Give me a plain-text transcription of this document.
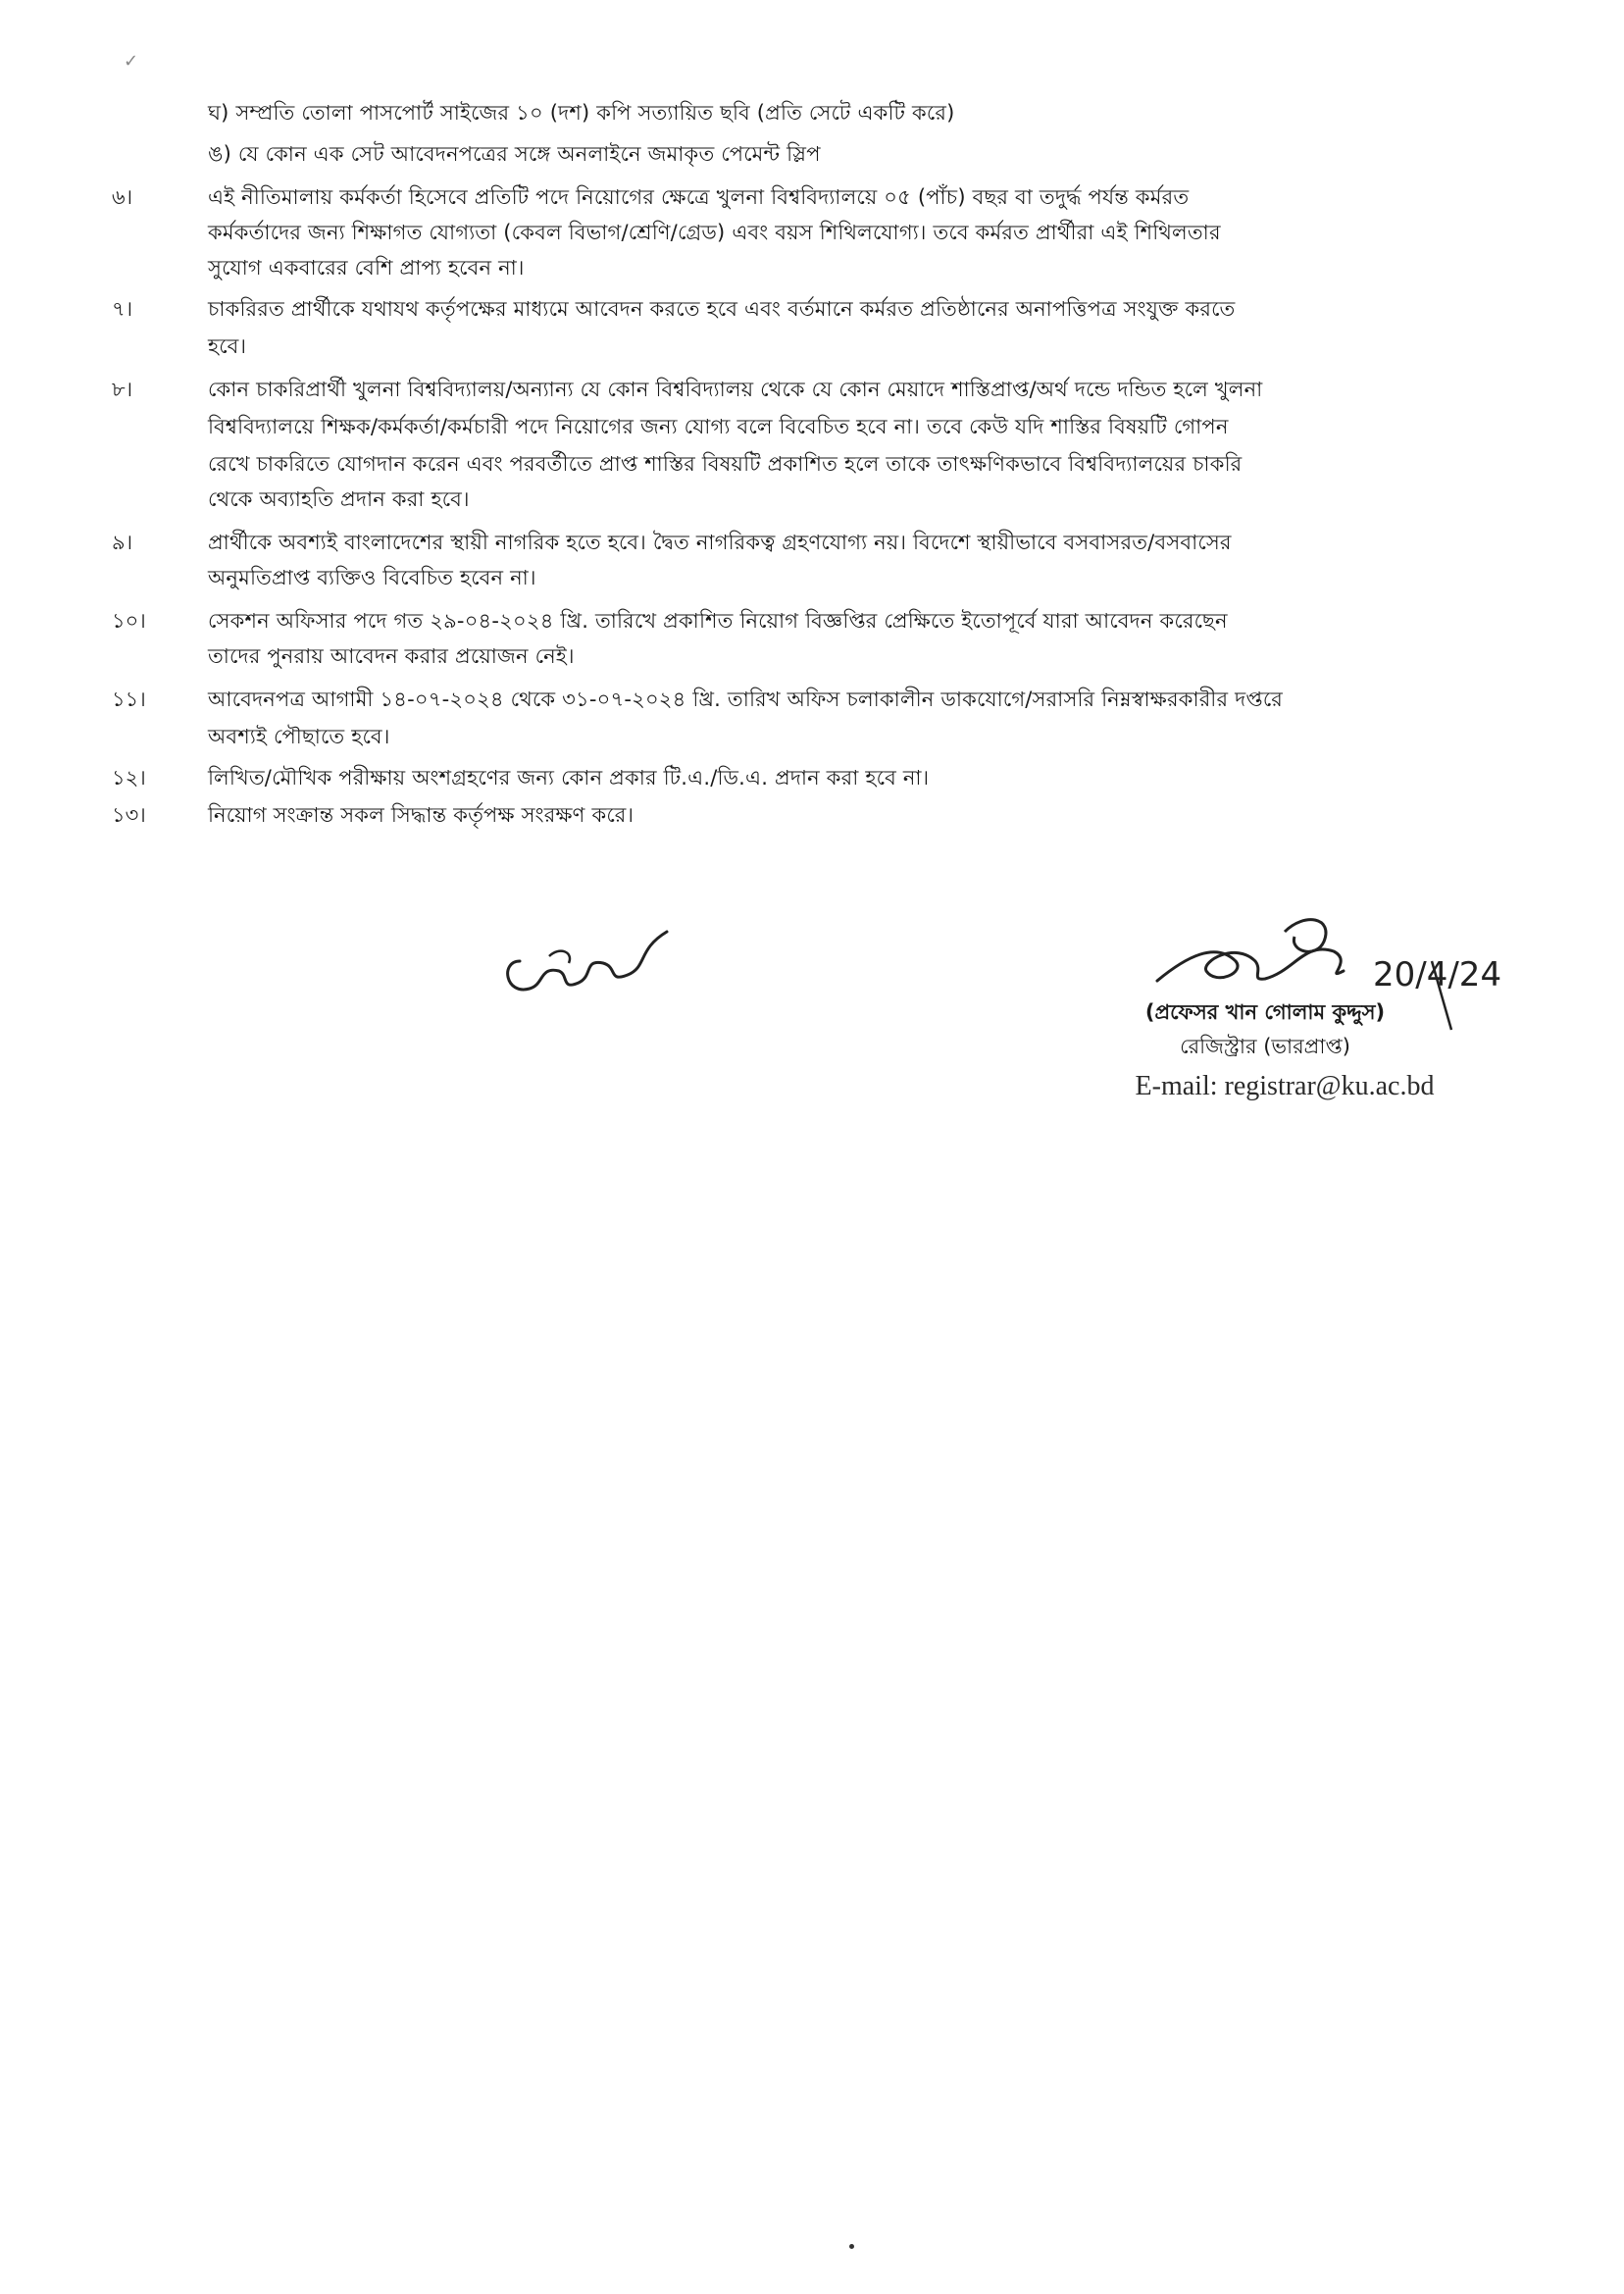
✓
ঘ) সম্প্রতি তোলা পাসপোর্ট সাইজের ১০ (দশ) কপি সত্যায়িত ছবি (প্রতি সেটে একটি করে)
ঙ) যে কোন এক সেট আবেদনপত্রের সঙ্গে অনলাইনে জমাকৃত পেমেন্ট স্লিপ
৬।	এই নীতিমালায় কর্মকর্তা হিসেবে প্রতিটি পদে নিয়োগের ক্ষেত্রে খুলনা বিশ্ববিদ্যালয়ে ০৫ (পাঁচ) বছর বা তদুর্দ্ধ পর্যন্ত কর্মরত
কর্মকর্তাদের জন্য শিক্ষাগত যোগ্যতা (কেবল বিভাগ/শ্রেণি/গ্রেড) এবং বয়স শিথিলযোগ্য। তবে কর্মরত প্রার্থীরা এই শিথিলতার
সুযোগ একবারের বেশি প্রাপ্য হবেন না।
৭।	চাকরিরত প্রার্থীকে যথাযথ কর্তৃপক্ষের মাধ্যমে আবেদন করতে হবে এবং বর্তমানে কর্মরত প্রতিষ্ঠানের অনাপত্তিপত্র সংযুক্ত করতে
হবে।
৮।	কোন চাকরিপ্রার্থী খুলনা বিশ্ববিদ্যালয়/অন্যান্য যে কোন বিশ্ববিদ্যালয় থেকে যে কোন মেয়াদে শাস্তিপ্রাপ্ত/অর্থ দন্ডে দন্ডিত হলে খুলনা
বিশ্ববিদ্যালয়ে শিক্ষক/কর্মকর্তা/কর্মচারী পদে নিয়োগের জন্য যোগ্য বলে বিবেচিত হবে না। তবে কেউ যদি শাস্তির বিষয়টি গোপন
রেখে চাকরিতে যোগদান করেন এবং পরবর্তীতে প্রাপ্ত শাস্তির বিষয়টি প্রকাশিত হলে তাকে তাৎক্ষণিকভাবে বিশ্ববিদ্যালয়ের চাকরি
থেকে অব্যাহতি প্রদান করা হবে।
৯।	প্রার্থীকে অবশ্যই বাংলাদেশের স্থায়ী নাগরিক হতে হবে। দ্বৈত নাগরিকত্ব গ্রহণযোগ্য নয়। বিদেশে স্থায়ীভাবে বসবাসরত/বসবাসের
অনুমতিপ্রাপ্ত ব্যক্তিও বিবেচিত হবেন না।
১০।	সেকশন অফিসার পদে গত ২৯-০৪-২০২৪ খ্রি. তারিখে প্রকাশিত নিয়োগ বিজ্ঞপ্তির প্রেক্ষিতে ইতোপূর্বে যারা আবেদন করেছেন
তাদের পুনরায় আবেদন করার প্রয়োজন নেই।
১১।	আবেদনপত্র আগামী ১৪-০৭-২০২৪ থেকে ৩১-০৭-২০২৪ খ্রি. তারিখ অফিস চলাকালীন ডাকযোগে/সরাসরি নিম্নস্বাক্ষরকারীর দপ্তরে
অবশ্যই পৌছাতে হবে।
১২।	লিখিত/মৌখিক পরীক্ষায় অংশগ্রহণের জন্য কোন প্রকার টি.এ./ডি.এ. প্রদান করা হবে না।
১৩।	নিয়োগ সংক্রান্ত সকল সিদ্ধান্ত কর্তৃপক্ষ সংরক্ষণ করে।
20/4/24
(প্রফেসর খান গোলাম কুদ্দুস)
রেজিস্ট্রার (ভারপ্রাপ্ত)
E-mail: registrar@ku.ac.bd
